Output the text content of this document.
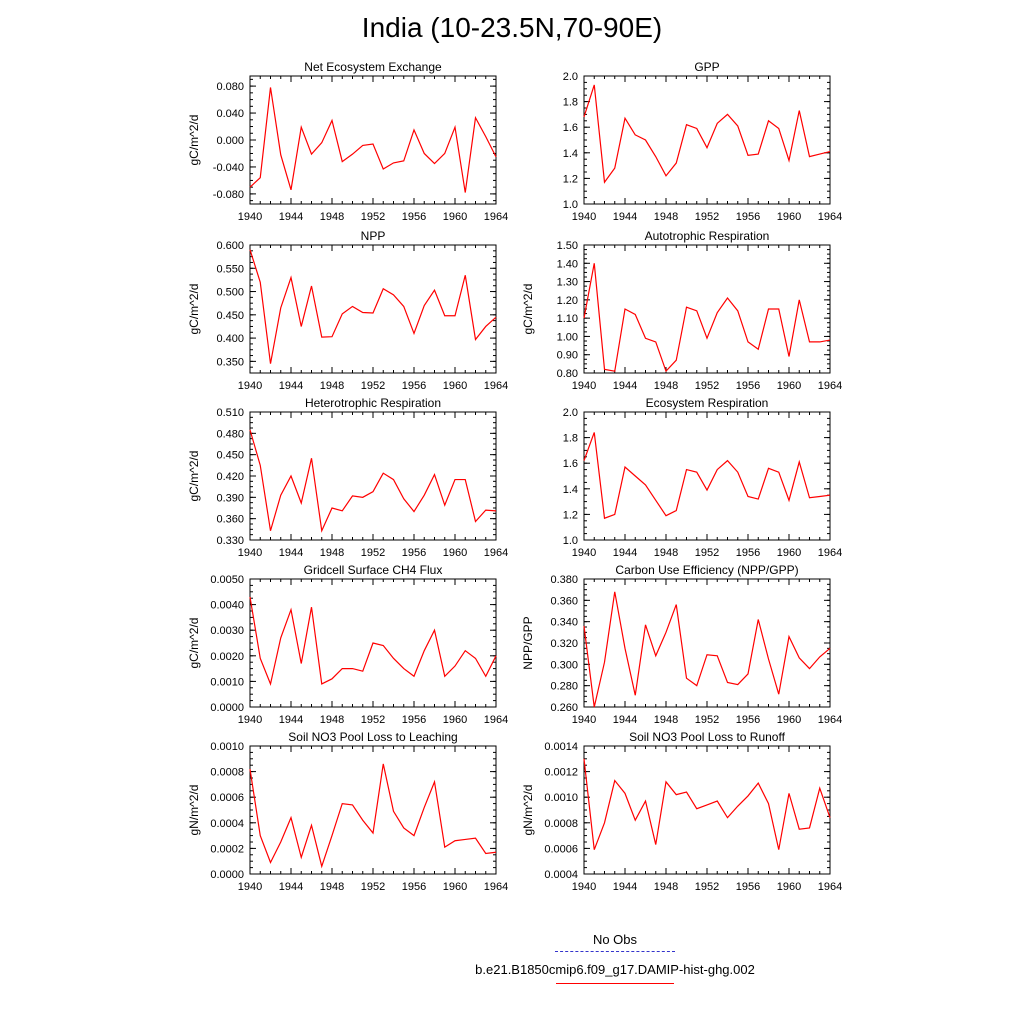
India (10-23.5N,70-90E)
1940 1944 1948 1952 1956 1960 1964
-0.080
-0.040
0.000
0.040
0.080
Net Ecosystem Exchange
gC/m^2/d
1940 1944 1948 1952 1956 1960 1964
1.0
1.2
1.4
1.6
1.8
2.0
GPP
1940 1944 1948 1952 1956 1960 1964
0.350
0.400
0.450
0.500
0.550
0.600
NPP
gC/m^2/d
1940 1944 1948 1952 1956 1960 1964
0.80
0.90
1.00
1.10
1.20
1.30
1.40
1.50
Autotrophic Respiration
gC/m^2/d
1940 1944 1948 1952 1956 1960 1964
0.330
0.360
0.390
0.420
0.450
0.480
0.510
Heterotrophic Respiration
gC/m^2/d
1940 1944 1948 1952 1956 1960 1964
1.0
1.2
1.4
1.6
1.8
2.0
Ecosystem Respiration
1940 1944 1948 1952 1956 1960 1964
0.0000
0.0010
0.0020
0.0030
0.0040
0.0050
Gridcell Surface CH4 Flux
gC/m^2/d
1940 1944 1948 1952 1956 1960 1964
0.260
0.280
0.300
0.320
0.340
0.360
0.380
Carbon Use Efficiency (NPP/GPP)
NPP/GPP
1940 1944 1948 1952 1956 1960 1964
0.0000
0.0002
0.0004
0.0006
0.0008
0.0010
Soil NO3 Pool Loss to Leaching
gN/m^2/d
1940 1944 1948 1952 1956 1960 1964
0.0004
0.0006
0.0008
0.0010
0.0012
0.0014
Soil NO3 Pool Loss to Runoff
gN/m^2/d
No Obs
b.e21.B1850cmip6.f09_g17.DAMIP-hist-ghg.002
